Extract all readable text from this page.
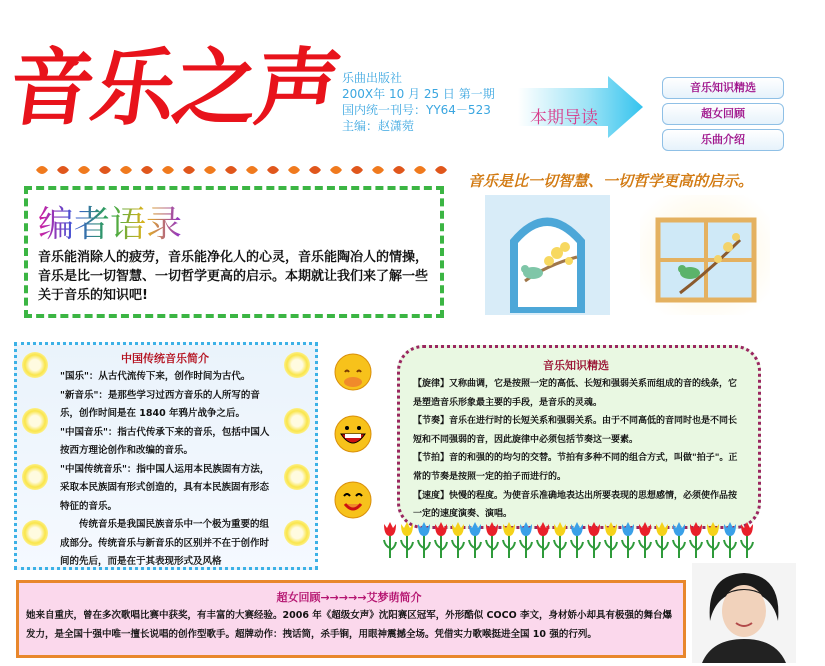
音乐之声
乐曲出版社
200X年 10 月 25 日 第一期
国内统一刊号：YY64－523
主编：赵潇菀	本期导读
音乐知识精选
超女回顾
乐曲介绍
音乐是比一切智慧、一切哲学更高的启示。
编者语录
音乐能消除人的疲劳，音乐能净化人的心灵，音乐能陶冶人的情操，音乐是比一切智慧、一切哲学更高的启示。本期就让我们来了解一些关于音乐的知识吧!
中国传统音乐简介

"国乐"：从古代流传下来，创作时间为古代。

"新音乐"：是那些学习过西方音乐的人所写的音乐，创作时间是在 1840 年鸦片战争之后。

"中国音乐"：指古代传承下来的音乐，包括中国人按西方理论创作和改编的音乐。

"中国传统音乐"：指中国人运用本民族固有方法，采取本民族固有形式创造的，具有本民族固有形态特征的音乐。

传统音乐是我国民族音乐中一个极为重要的组成部分。传统音乐与新音乐的区别并不在于创作时间的先后，而是在于其表现形式及风格

音乐知识精选

【旋律】又称曲调，它是按照一定的高低、长短和强弱关系而组成的音的线条，它是塑造音乐形象最主要的手段，是音乐的灵魂。

【节奏】音乐在进行时的长短关系和强弱关系。由于不同高低的音同时也是不同长短和不同强弱的音，因此旋律中必须包括节奏这一要素。

【节拍】音的和强的的均匀的交替。节拍有多种不同的组合方式，叫做"拍子"。正常的节奏是按照一定的拍子而进行的。

【速度】快慢的程度。为使音乐准确地表达出所要表现的思想感情，必须使作品按一定的速度演奏、演唱。

超女回顾→→→→→艾梦萌简介
她来自重庆，曾在多次歌唱比赛中获奖，有丰富的大赛经验。2006 年《超级女声》沈阳赛区冠军，外形酷似 COCO 李文，身材娇小却具有极强的舞台爆发力，是全国十强中唯一擅长说唱的创作型歌手。超牌动作：拽话筒，杀手锏，用眼神震撼全场。凭借实力歌喉挺进全国 10 强的行列。
